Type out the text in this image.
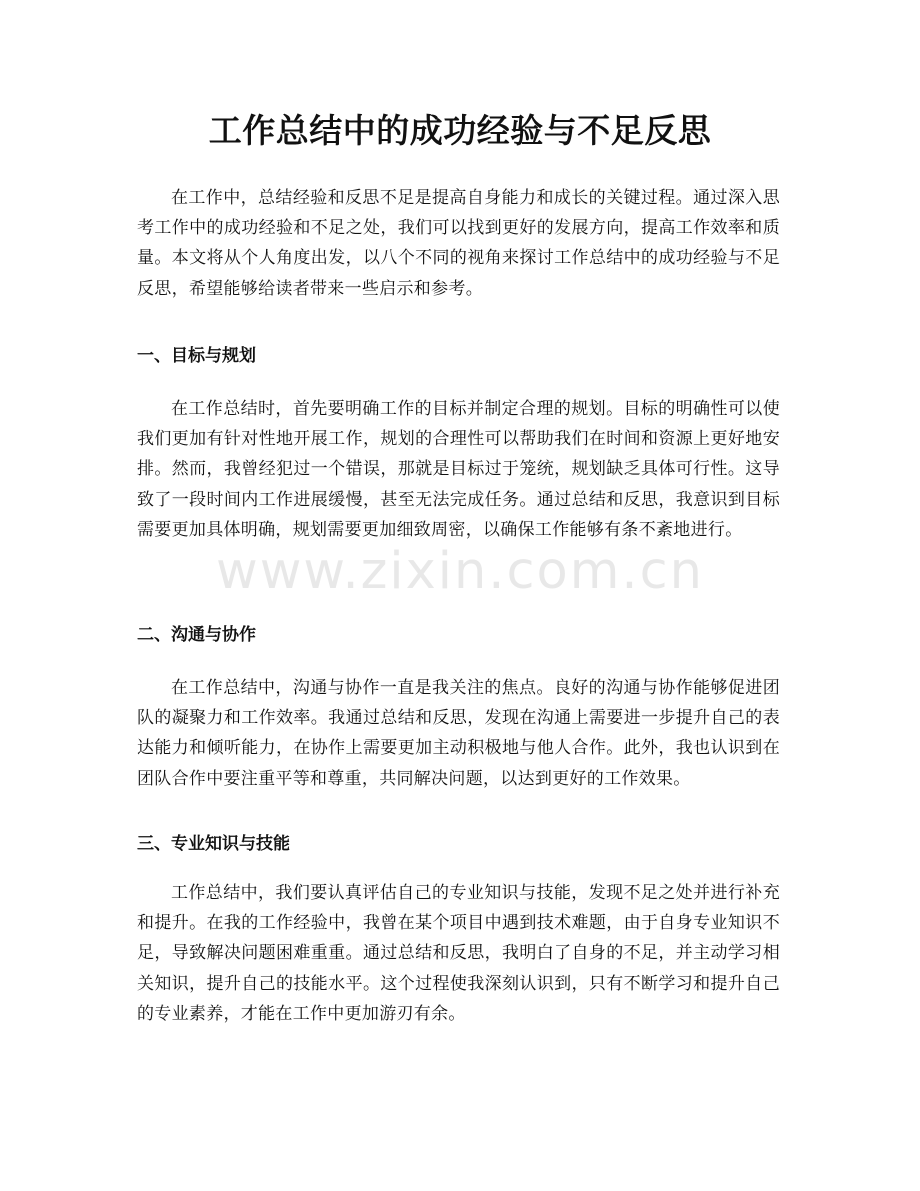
工作总结中的成功经验与不足反思

在工作中，总结经验和反思不足是提高自身能力和成长的关键过程。通过深入思考工作中的成功经验和不足之处，我们可以找到更好的发展方向，提高工作效率和质量。本文将从个人角度出发，以八个不同的视角来探讨工作总结中的成功经验与不足反思，希望能够给读者带来一些启示和参考。

一、目标与规划

在工作总结时，首先要明确工作的目标并制定合理的规划。目标的明确性可以使我们更加有针对性地开展工作，规划的合理性可以帮助我们在时间和资源上更好地安排。然而，我曾经犯过一个错误，那就是目标过于笼统，规划缺乏具体可行性。这导致了一段时间内工作进展缓慢，甚至无法完成任务。通过总结和反思，我意识到目标需要更加具体明确，规划需要更加细致周密，以确保工作能够有条不紊地进行。

二、沟通与协作

在工作总结中，沟通与协作一直是我关注的焦点。良好的沟通与协作能够促进团队的凝聚力和工作效率。我通过总结和反思，发现在沟通上需要进一步提升自己的表达能力和倾听能力，在协作上需要更加主动积极地与他人合作。此外，我也认识到在团队合作中要注重平等和尊重，共同解决问题，以达到更好的工作效果。

三、专业知识与技能

工作总结中，我们要认真评估自己的专业知识与技能，发现不足之处并进行补充和提升。在我的工作经验中，我曾在某个项目中遇到技术难题，由于自身专业知识不足，导致解决问题困难重重。通过总结和反思，我明白了自身的不足，并主动学习相关知识，提升自己的技能水平。这个过程使我深刻认识到，只有不断学习和提升自己的专业素养，才能在工作中更加游刃有余。

www.zixin.com.cn
